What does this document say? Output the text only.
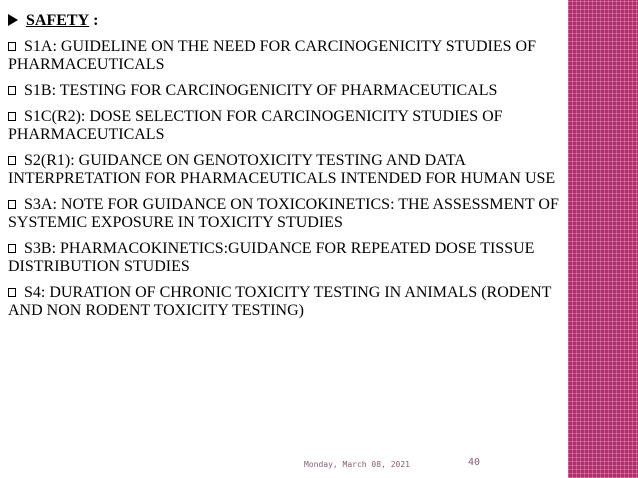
SAFETY :
S1A: GUIDELINE ON THE NEED FOR CARCINOGENICITY STUDIES OF PHARMACEUTICALS
S1B: TESTING FOR CARCINOGENICITY OF PHARMACEUTICALS
S1C(R2): DOSE SELECTION FOR CARCINOGENICITY STUDIES OF PHARMACEUTICALS
S2(R1): GUIDANCE ON GENOTOXICITY TESTING AND DATA INTERPRETATION FOR PHARMACEUTICALS INTENDED FOR HUMAN USE
S3A: NOTE FOR GUIDANCE ON TOXICOKINETICS: THE ASSESSMENT OF SYSTEMIC EXPOSURE IN TOXICITY STUDIES
S3B: PHARMACOKINETICS:GUIDANCE FOR REPEATED DOSE TISSUE DISTRIBUTION STUDIES
S4: DURATION OF CHRONIC TOXICITY TESTING IN ANIMALS (RODENT AND NON RODENT TOXICITY TESTING)
Monday, March 08, 2021	40
